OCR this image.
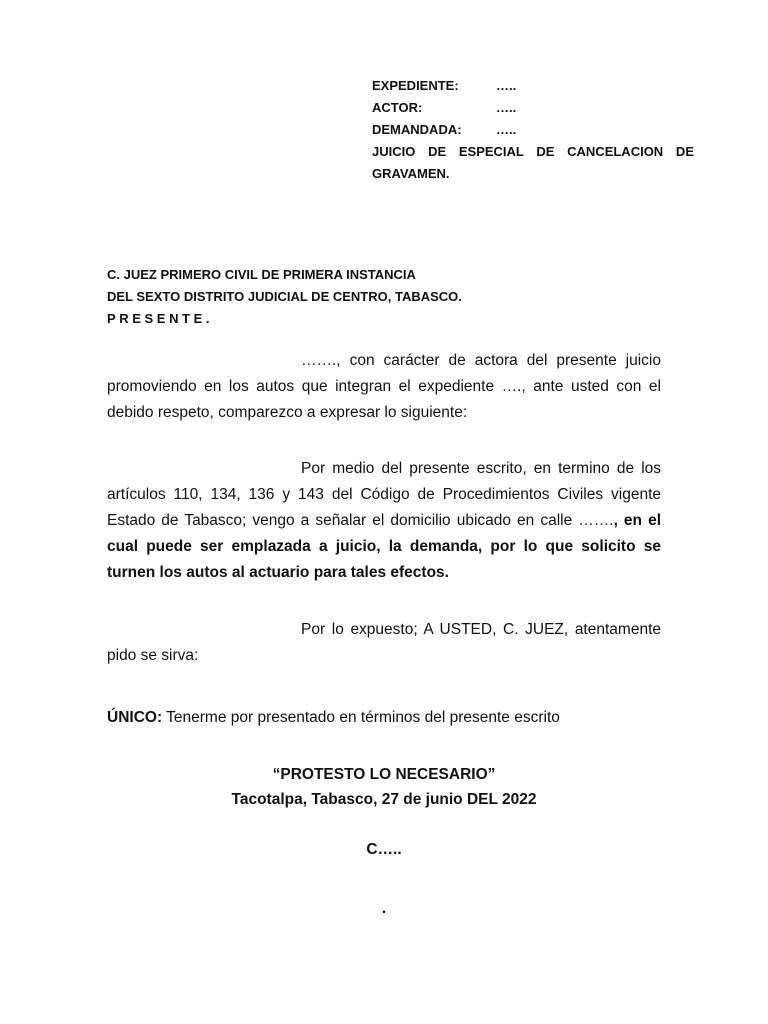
EXPEDIENTE:	…..
ACTOR:	…..
DEMANDADA:	…..
JUICIO DE ESPECIAL DE CANCELACION DE
GRAVAMEN.
C. JUEZ PRIMERO CIVIL DE PRIMERA INSTANCIA
DEL SEXTO DISTRITO JUDICIAL DE CENTRO, TABASCO.
PRESENTE.
……., con carácter de actora del presente juicio promoviendo en los autos que integran el expediente …., ante usted con el debido respeto, comparezco a expresar lo siguiente:
Por medio del presente escrito, en termino de los artículos 110, 134, 136 y 143 del Código de Procedimientos Civiles vigente Estado de Tabasco; vengo a señalar el domicilio ubicado en calle ……., en el cual puede ser emplazada a juicio, la demanda, por lo que solicito se turnen los autos al actuario para tales efectos.
Por lo expuesto; A USTED, C. JUEZ, atentamente pido se sirva:
ÚNICO: Tenerme por presentado en términos del presente escrito
“PROTESTO LO NECESARIO”
Tacotalpa, Tabasco, 27 de junio DEL 2022
C…..
.
